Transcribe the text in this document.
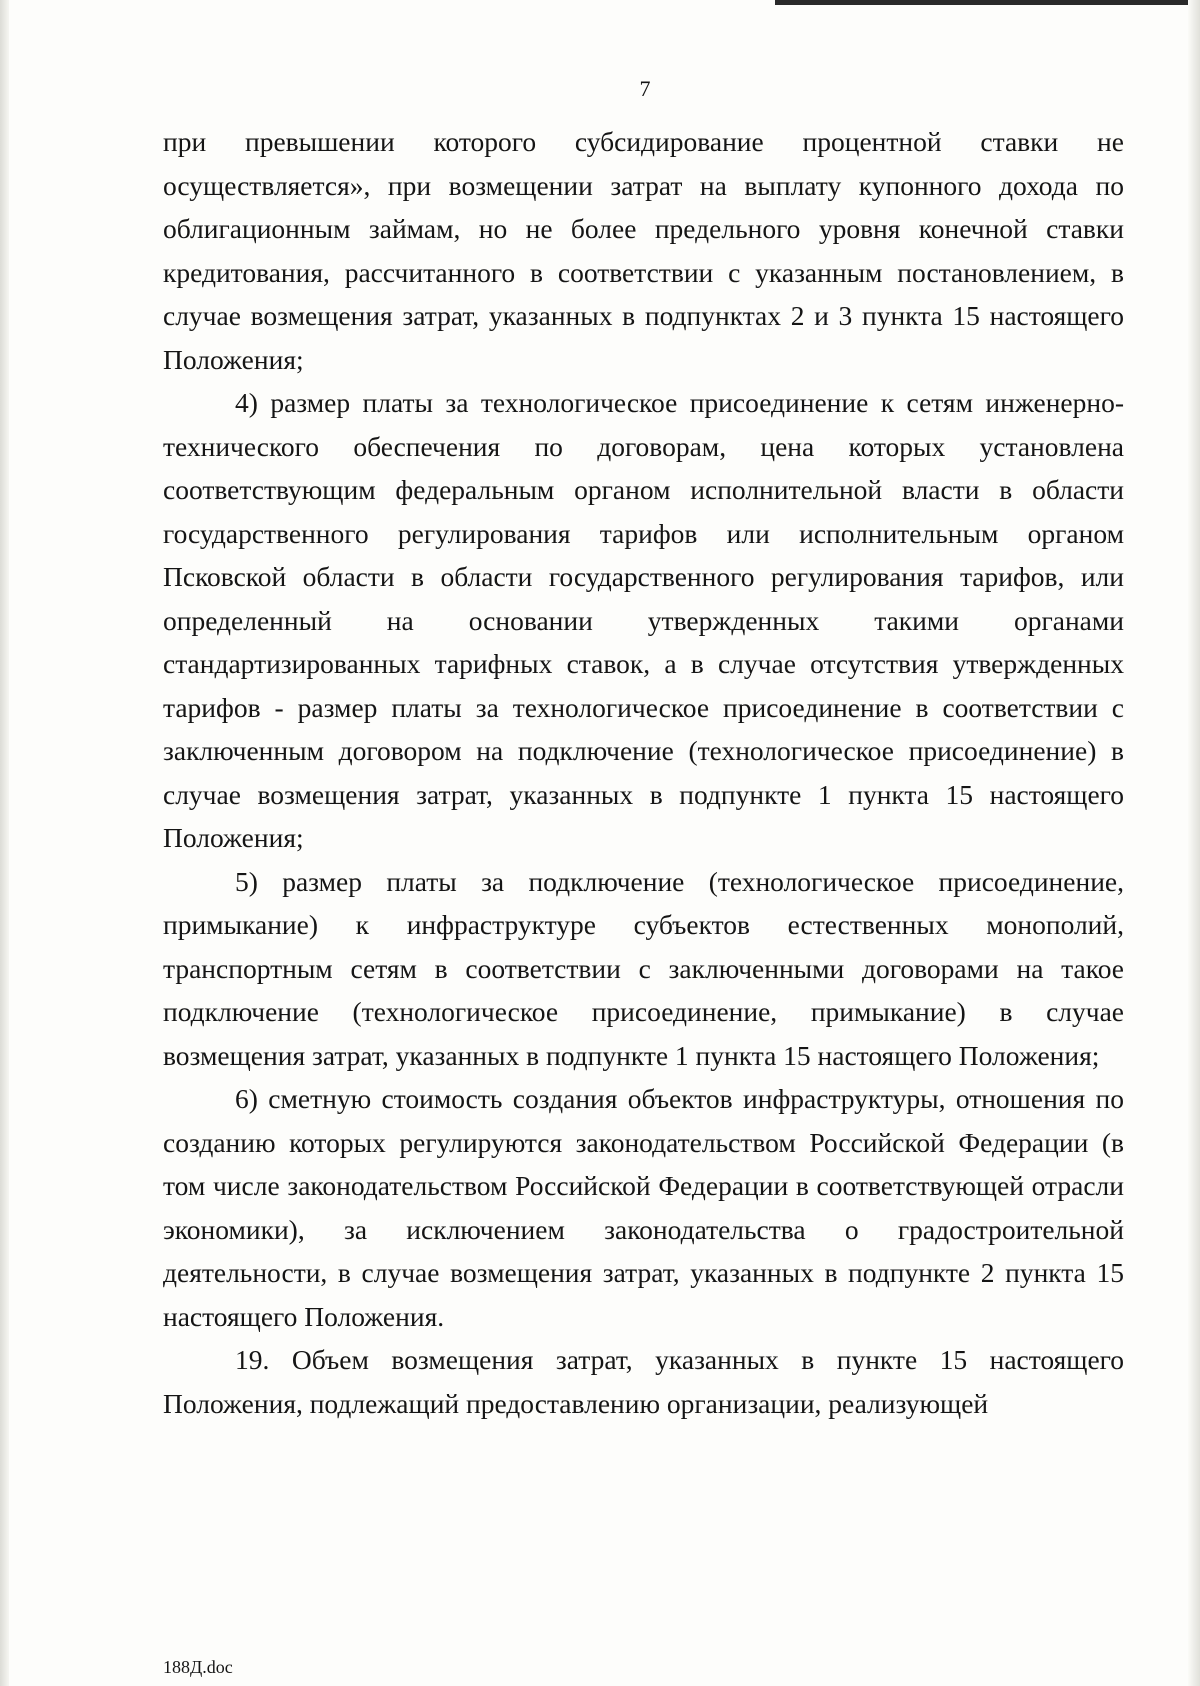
7

при превышении которого субсидирование процентной ставки не осуществляется», при возмещении затрат на выплату купонного дохода по облигационным займам, но не более предельного уровня конечной ставки кредитования, рассчитанного в соответствии с указанным постановлением, в случае возмещения затрат, указанных в подпунктах 2 и 3 пункта 15 настоящего Положения;

4) размер платы за технологическое присоединение к сетям инженерно-технического обеспечения по договорам, цена которых установлена соответствующим федеральным органом исполнительной власти в области государственного регулирования тарифов или исполнительным органом Псковской области в области государственного регулирования тарифов, или определенный на основании утвержденных такими органами стандартизированных тарифных ставок, а в случае отсутствия утвержденных тарифов - размер платы за технологическое присоединение в соответствии с заключенным договором на подключение (технологическое присоединение) в случае возмещения затрат, указанных в подпункте 1 пункта 15 настоящего Положения;

5) размер платы за подключение (технологическое присоединение, примыкание) к инфраструктуре субъектов естественных монополий, транспортным сетям в соответствии с заключенными договорами на такое подключение (технологическое присоединение, примыкание) в случае возмещения затрат, указанных в подпункте 1 пункта 15 настоящего Положения;

6) сметную стоимость создания объектов инфраструктуры, отношения по созданию которых регулируются законодательством Российской Федерации (в том числе законодательством Российской Федерации в соответствующей отрасли экономики), за исключением законодательства о градостроительной деятельности, в случае возмещения затрат, указанных в подпункте 2 пункта 15 настоящего Положения.

19. Объем возмещения затрат, указанных в пункте 15 настоящего Положения, подлежащий предоставлению организации, реализующей

188Д.doc
